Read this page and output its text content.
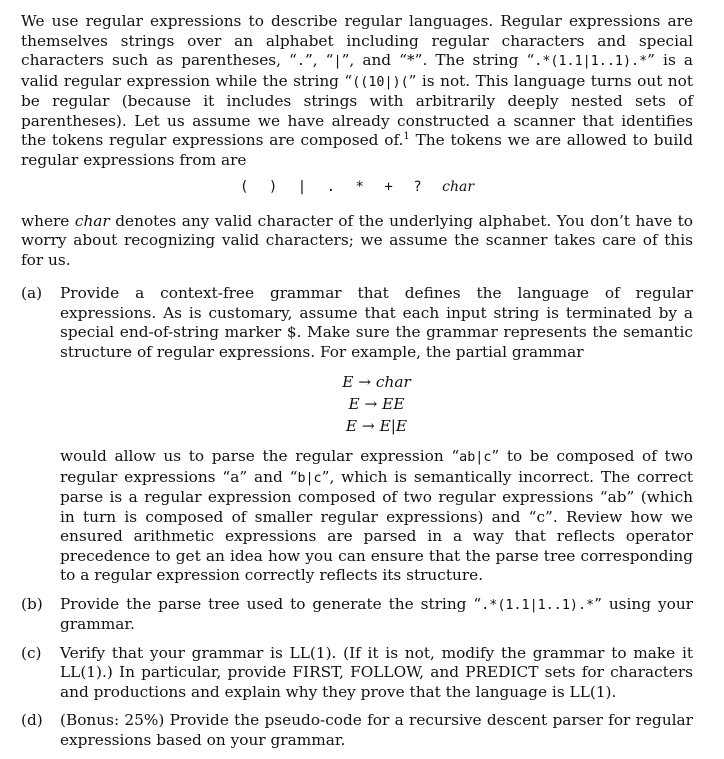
We use regular expressions to describe regular languages. Regular expressions are themselves strings over an alphabet including regular characters and special characters such as parentheses, “.”, “|”, and “*”. The string “.*(1.1|1..1).*” is a valid regular expression while the string “((10|)(” is not. This language turns out not be regular (because it includes strings with arbitrarily deeply nested sets of parentheses). Let us assume we have already constructed a scanner that identifies the tokens regular expressions are composed of.$^1$ The tokens we are allowed to build regular expressions from are

( ) | . * + ? char

where char denotes any valid character of the underlying alphabet. You don’t have to worry about recognizing valid characters; we assume the scanner takes care of this for us.

(a) Provide a context-free grammar that defines the language of regular expressions. As is customary, assume that each input string is terminated by a special end-of-string marker $. Make sure the grammar represents the semantic structure of regular expressions. For example, the partial grammar

E → char
E → EE
E → E|E

would allow us to parse the regular expression “ab|c” to be composed of two regular expressions “a” and “b|c”, which is semantically incorrect. The correct parse is a regular expression composed of two regular expressions “ab” (which in turn is composed of smaller regular expressions) and “c”. Review how we ensured arithmetic expressions are parsed in a way that reflects operator precedence to get an idea how you can ensure that the parse tree corresponding to a regular expression correctly reflects its structure.

(b) Provide the parse tree used to generate the string “.*(1.1|1..1).*” using your grammar.

(c) Verify that your grammar is LL(1). (If it is not, modify the grammar to make it LL(1).) In particular, provide FIRST, FOLLOW, and PREDICT sets for characters and productions and explain why they prove that the language is LL(1).

(d) (Bonus: 25%) Provide the pseudo-code for a recursive descent parser for regular expressions based on your grammar.
